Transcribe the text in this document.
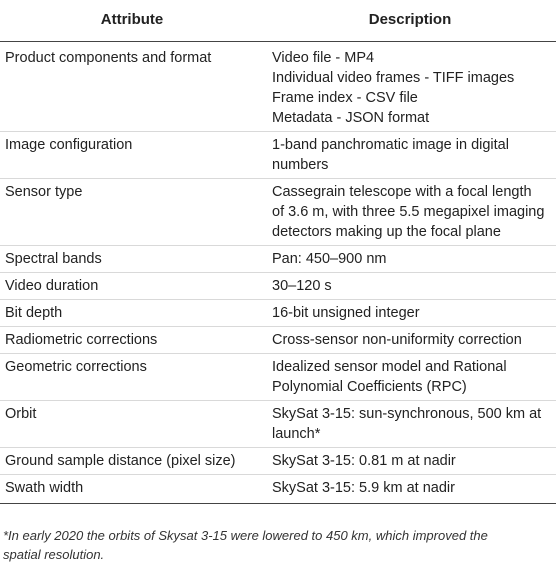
Attribute	Description
Product components and format	Video file - MP4
Individual video frames - TIFF images
Frame index - CSV file
Metadata - JSON format

Image configuration	1-band panchromatic image in digital
numbers

Sensor type	Cassegrain telescope with a focal length
of 3.6 m, with three 5.5 megapixel imaging
detectors making up the focal plane

Spectral bands	Pan: 450–900 nm

Video duration	30–120 s

Bit depth	16-bit unsigned integer

Radiometric corrections	Cross-sensor non-uniformity correction

Geometric corrections	Idealized sensor model and Rational
Polynomial Coefficients (RPC)

Orbit	SkySat 3-15: sun-synchronous, 500 km at
launch*

Ground sample distance (pixel size)	SkySat 3-15: 0.81 m at nadir

Swath width	SkySat 3-15: 5.9 km at nadir
*In early 2020 the orbits of Skysat 3-15 were lowered to 450 km, which improved the
spatial resolution.
